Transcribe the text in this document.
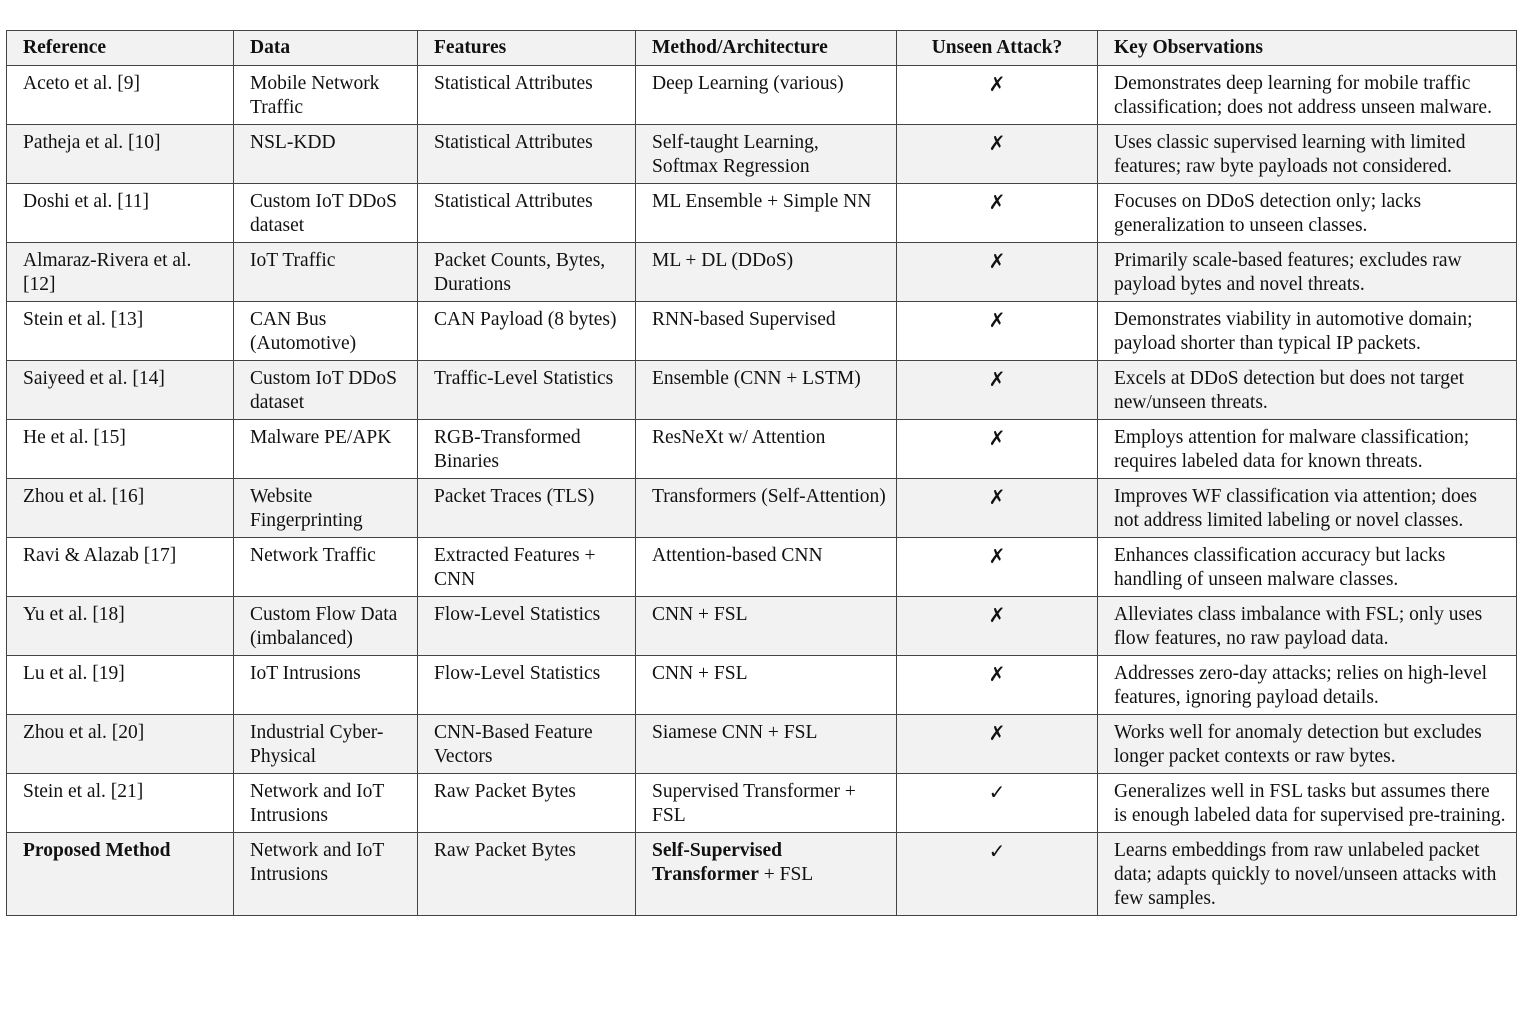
Reference	Data	Features	Method/Architecture	Unseen Attack?	Key Observations
Aceto et al. [9]	Mobile Network Traffic	Statistical Attributes	Deep Learning (various)	✗	Demonstrates deep learning for mobile traffic classification; does not address unseen malware.
Patheja et al. [10]	NSL-KDD	Statistical Attributes	Self-taught Learning, Softmax Regression	✗	Uses classic supervised learning with limited features; raw byte payloads not considered.
Doshi et al. [11]	Custom IoT DDoS dataset	Statistical Attributes	ML Ensemble + Simple NN	✗	Focuses on DDoS detection only; lacks generalization to unseen classes.
Almaraz-Rivera et al. [12]	IoT Traffic	Packet Counts, Bytes, Durations	ML + DL (DDoS)	✗	Primarily scale-based features; excludes raw payload bytes and novel threats.
Stein et al. [13]	CAN Bus (Automotive)	CAN Payload (8 bytes)	RNN-based Supervised	✗	Demonstrates viability in automotive domain; payload shorter than typical IP packets.
Saiyeed et al. [14]	Custom IoT DDoS dataset	Traffic-Level Statistics	Ensemble (CNN + LSTM)	✗	Excels at DDoS detection but does not target new/unseen threats.
He et al. [15]	Malware PE/APK	RGB-Transformed Binaries	ResNeXt w/ Attention	✗	Employs attention for malware classification; requires labeled data for known threats.
Zhou et al. [16]	Website Fingerprinting	Packet Traces (TLS)	Transformers (Self-Attention)	✗	Improves WF classification via attention; does not address limited labeling or novel classes.
Ravi & Alazab [17]	Network Traffic	Extracted Features + CNN	Attention-based CNN	✗	Enhances classification accuracy but lacks handling of unseen malware classes.
Yu et al. [18]	Custom Flow Data (imbalanced)	Flow-Level Statistics	CNN + FSL	✗	Alleviates class imbalance with FSL; only uses flow features, no raw payload data.
Lu et al. [19]	IoT Intrusions	Flow-Level Statistics	CNN + FSL	✗	Addresses zero-day attacks; relies on high-level features, ignoring payload details.
Zhou et al. [20]	Industrial Cyber-Physical	CNN-Based Feature Vectors	Siamese CNN + FSL	✗	Works well for anomaly detection but excludes longer packet contexts or raw bytes.
Stein et al. [21]	Network and IoT Intrusions	Raw Packet Bytes	Supervised Transformer + FSL	✓	Generalizes well in FSL tasks but assumes there is enough labeled data for supervised pre-training.
Proposed Method	Network and IoT Intrusions	Raw Packet Bytes	Self-Supervised Transformer + FSL	✓	Learns embeddings from raw unlabeled packet data; adapts quickly to novel/unseen attacks with few samples.
